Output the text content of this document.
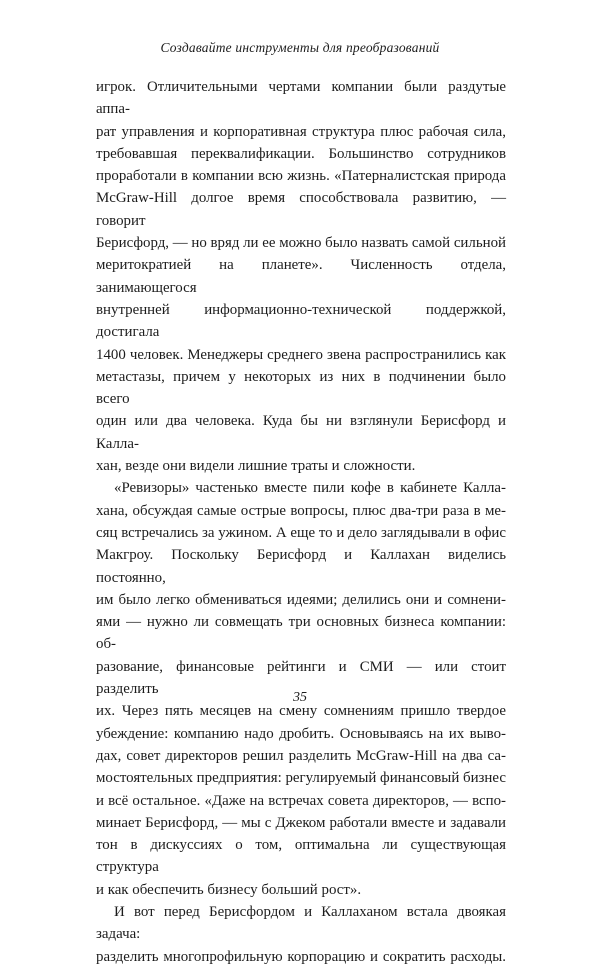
Создавайте инструменты для преобразований

игрок. Отличительными чертами компании были раздутые аппа-

рат управления и корпоративная структура плюс рабочая сила,

требовавшая переквалификации. Большинство сотрудников

проработали в компании всю жизнь. «Патерналистская природа

McGraw-Hill долгое время способствовала развитию, — говорит

Берисфорд, — но вряд ли ее можно было назвать самой сильной

меритократией на планете». Численность отдела, занимающегося

внутренней информационно-технической поддержкой, достигала

1400 человек. Менеджеры среднего звена распространились как

метастазы, причем у некоторых из них в подчинении было всего

один или два человека. Куда бы ни взглянули Берисфорд и Каллa-

хан, везде они видели лишние траты и сложности.

«Ревизоры» частенько вместе пили кофе в кабинете Калла-

хана, обсуждая самые острые вопросы, плюс два-три раза в ме-

сяц встречались за ужином. А еще то и дело заглядывали в офис

Макгроу. Поскольку Берисфорд и Каллахан виделись постоянно,

им было легко обмениваться идеями; делились они и сомнени-

ями — нужно ли совмещать три основных бизнеса компании: об-

разование, финансовые рейтинги и СМИ — или стоит разделить

их. Через пять месяцев на смену сомнениям пришло твердое

убеждение: компанию надо дробить. Основываясь на их выво-

дах, совет директоров решил разделить McGraw-Hill на два са-

мостоятельных предприятия: регулируемый финансовый бизнес

и всё остальное. «Даже на встречах совета директоров, — вспо-

минает Берисфорд, — мы с Джеком работали вместе и задавали

тон в дискуссиях о том, оптимальна ли существующая структура

и как обеспечить бизнесу больший рост».

И вот перед Берисфордом и Каллаханом встала двоякая задача:

разделить многопрофильную корпорацию и сократить расходы.

35
